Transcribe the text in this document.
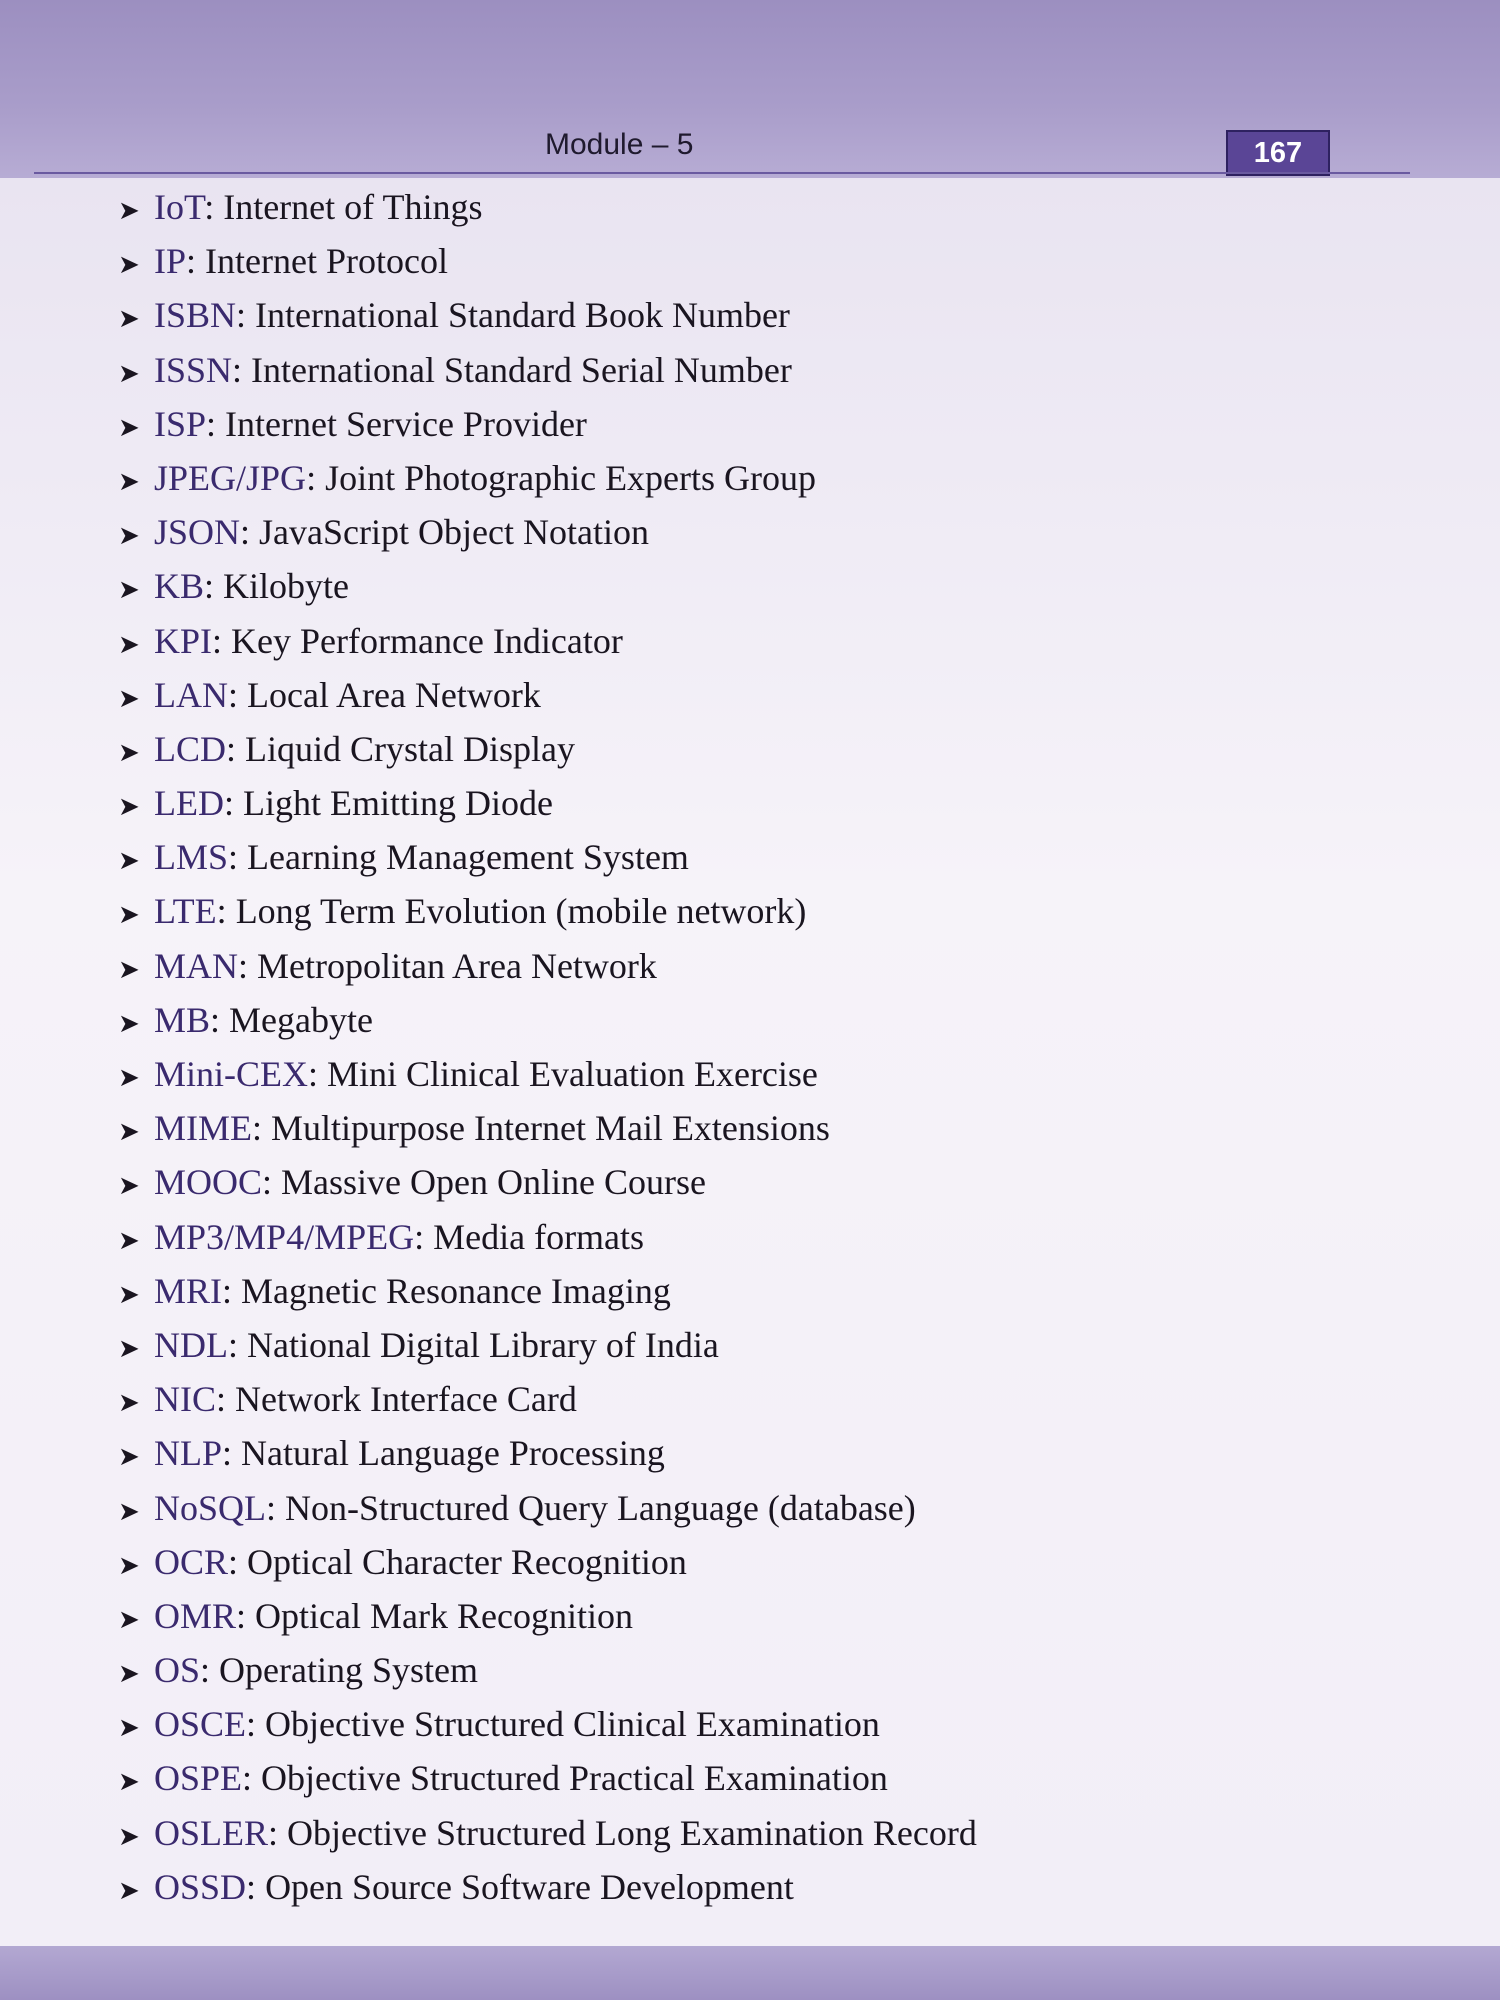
Module – 5	167
➤ IoT: Internet of Things
➤ IP: Internet Protocol
➤ ISBN: International Standard Book Number
➤ ISSN: International Standard Serial Number
➤ ISP: Internet Service Provider
➤ JPEG/JPG: Joint Photographic Experts Group
➤ JSON: JavaScript Object Notation
➤ KB: Kilobyte
➤ KPI: Key Performance Indicator
➤ LAN: Local Area Network
➤ LCD: Liquid Crystal Display
➤ LED: Light Emitting Diode
➤ LMS: Learning Management System
➤ LTE: Long Term Evolution (mobile network)
➤ MAN: Metropolitan Area Network
➤ MB: Megabyte
➤ Mini-CEX: Mini Clinical Evaluation Exercise
➤ MIME: Multipurpose Internet Mail Extensions
➤ MOOC: Massive Open Online Course
➤ MP3/MP4/MPEG: Media formats
➤ MRI: Magnetic Resonance Imaging
➤ NDL: National Digital Library of India
➤ NIC: Network Interface Card
➤ NLP: Natural Language Processing
➤ NoSQL: Non-Structured Query Language (database)
➤ OCR: Optical Character Recognition
➤ OMR: Optical Mark Recognition
➤ OS: Operating System
➤ OSCE: Objective Structured Clinical Examination
➤ OSPE: Objective Structured Practical Examination
➤ OSLER: Objective Structured Long Examination Record
➤ OSSD: Open Source Software Development
